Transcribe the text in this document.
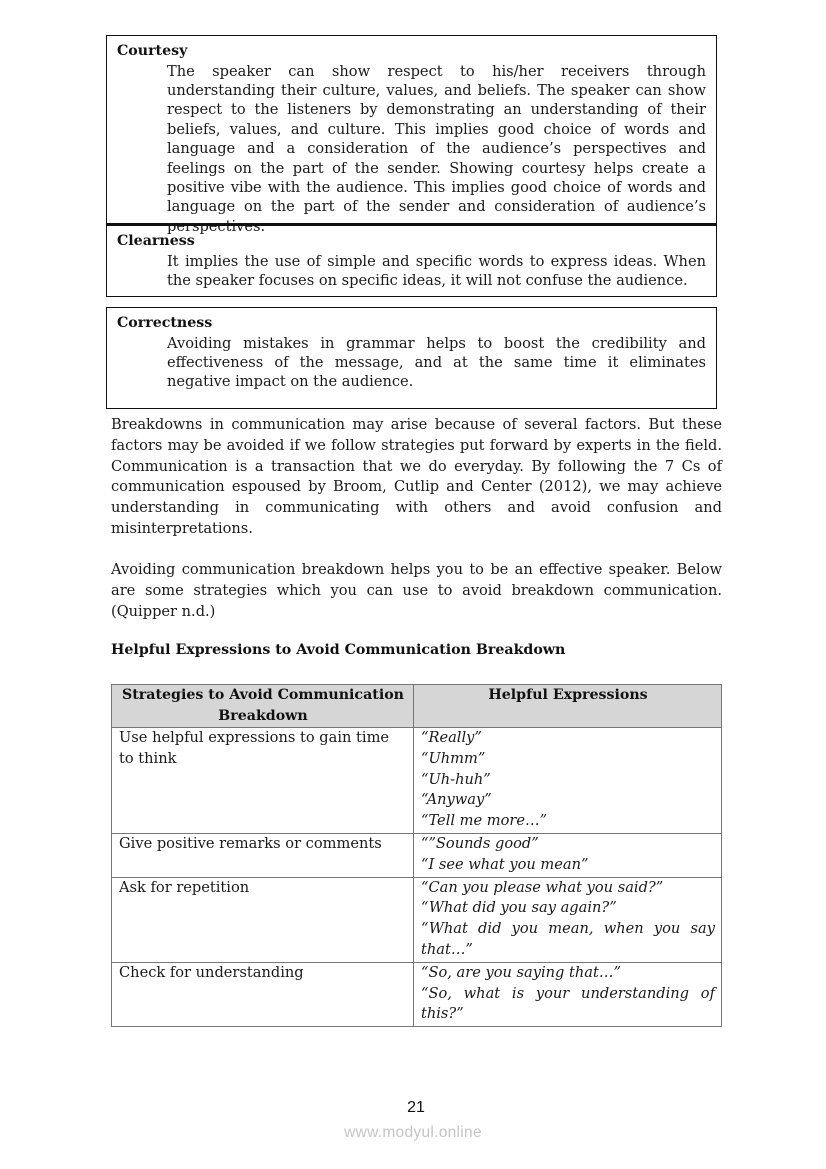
Courtesy

The speaker can show respect to his/her receivers through understanding their culture, values, and beliefs. The speaker can show respect to the listeners by demonstrating an understanding of their beliefs, values, and culture. This implies good choice of words and language and a consideration of the audience’s perspectives and feelings on the part of the sender. Showing courtesy helps create a positive vibe with the audience. This implies good choice of words and language on the part of the sender and consideration of audience’s perspectives.

Clearness

It implies the use of simple and specific words to express ideas. When the speaker focuses on specific ideas, it will not confuse the audience.

Correctness

Avoiding mistakes in grammar helps to boost the credibility and effectiveness of the message, and at the same time it eliminates negative impact on the audience.

Breakdowns in communication may arise because of several factors. But these factors may be avoided if we follow strategies put forward by experts in the field. Communication is a transaction that we do everyday. By following the 7 Cs of communication espoused by Broom, Cutlip and Center (2012), we may achieve understanding in communicating with others and avoid confusion and misinterpretations.

Avoiding communication breakdown helps you to be an effective speaker. Below are some strategies which you can use to avoid breakdown communication. (Quipper n.d.)

Helpful Expressions to Avoid Communication Breakdown

Strategies to Avoid Communication Breakdown	Helpful Expressions
Use helpful expressions to gain time to think	“Really”
“Uhmm”
“Uh-huh”
“Anyway”
“Tell me more…”

Give positive remarks or comments	“”Sounds good”
“I see what you mean”

Ask for repetition	“Can you please what you said?”
“What did you say again?”
“What did you mean, when you say that…”

Check for understanding	“So, are you saying that…”
“So, what is your understanding of this?”
21
www.modyul.online
